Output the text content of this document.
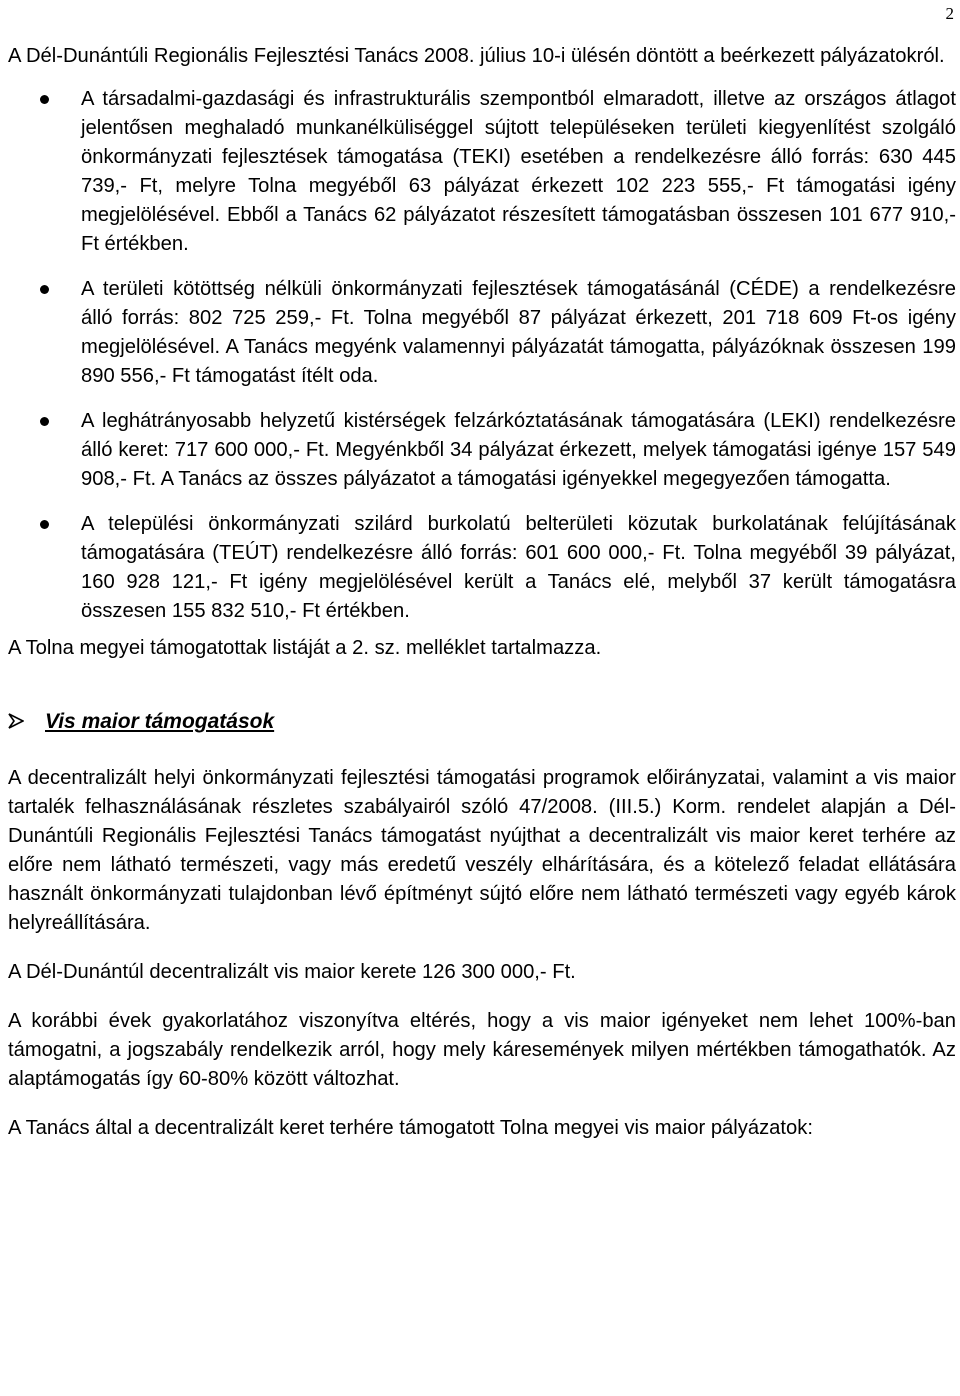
2

A Dél-Dunántúli Regionális Fejlesztési Tanács 2008. július 10-i ülésén döntött a beérkezett pályázatokról.

A társadalmi-gazdasági és infrastrukturális szempontból elmaradott, illetve az országos átlagot jelentősen meghaladó munkanélküliséggel sújtott településeken területi kiegyenlítést szolgáló önkormányzati fejlesztések támogatása (TEKI) esetében a rendelkezésre álló forrás: 630 445 739,- Ft, melyre Tolna megyéből 63 pályázat érkezett 102 223 555,- Ft támogatási igény megjelölésével. Ebből a Tanács 62 pályázatot részesített támogatásban összesen 101 677 910,- Ft értékben.
A területi kötöttség nélküli önkormányzati fejlesztések támogatásánál (CÉDE) a rendelkezésre álló forrás: 802 725 259,- Ft. Tolna megyéből 87 pályázat érkezett, 201 718 609 Ft-os igény megjelölésével. A Tanács megyénk valamennyi pályázatát támogatta, pályázóknak összesen 199 890 556,- Ft támogatást ítélt oda.
A leghátrányosabb helyzetű kistérségek felzárkóztatásának támogatására (LEKI) rendelkezésre álló keret: 717 600 000,- Ft. Megyénkből 34 pályázat érkezett, melyek támogatási igénye 157 549 908,- Ft. A Tanács az összes pályázatot a támogatási igényekkel megegyezően támogatta.
A települési önkormányzati szilárd burkolatú belterületi közutak burkolatának felújításának támogatására (TEÚT) rendelkezésre álló forrás: 601 600 000,- Ft. Tolna megyéből 39 pályázat, 160 928 121,- Ft igény megjelölésével került a Tanács elé, melyből 37 került támogatásra összesen 155 832 510,- Ft értékben.

A Tolna megyei támogatottak listáját a 2. sz. melléklet tartalmazza.

Vis maior támogatások

A decentralizált helyi önkormányzati fejlesztési támogatási programok előirányzatai, valamint a vis maior tartalék felhasználásának részletes szabályairól szóló 47/2008. (III.5.) Korm. rendelet alapján a Dél-Dunántúli Regionális Fejlesztési Tanács támogatást nyújthat a decentralizált vis maior keret terhére az előre nem látható természeti, vagy más eredetű veszély elhárítására, és a kötelező feladat ellátására használt önkormányzati tulajdonban lévő építményt sújtó előre nem látható természeti vagy egyéb károk helyreállítására.

A Dél-Dunántúl decentralizált vis maior kerete 126 300 000,- Ft.

A korábbi évek gyakorlatához viszonyítva eltérés, hogy a vis maior igényeket nem lehet 100%-ban támogatni, a jogszabály rendelkezik arról, hogy mely káresemények milyen mértékben támogathatók. Az alaptámogatás így 60-80% között változhat.

A Tanács által a decentralizált keret terhére támogatott Tolna megyei vis maior pályázatok:
